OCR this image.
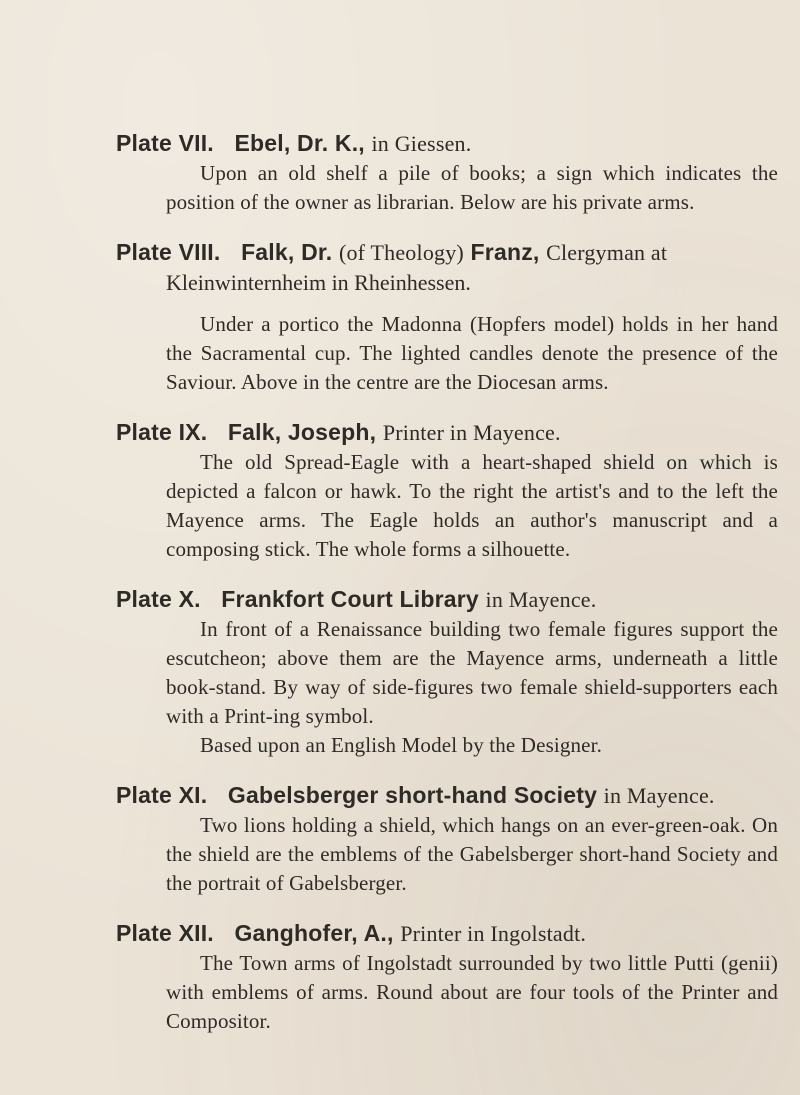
Plate VII. Ebel, Dr. K., in Giessen.

Upon an old shelf a pile of books; a sign which indicates the position of the owner as librarian. Below are his private arms.

Plate VIII. Falk, Dr. (of Theology) Franz, Clergyman at
Kleinwinternheim in Rheinhessen.

Under a portico the Madonna (Hopfers model) holds in her hand the Sacramental cup. The lighted candles denote the presence of the Saviour. Above in the centre are the Diocesan arms.

Plate IX. Falk, Joseph, Printer in Mayence.

The old Spread-Eagle with a heart-shaped shield on which is depicted a falcon or hawk. To the right the artist's and to the left the Mayence arms. The Eagle holds an author's manuscript and a composing stick. The whole forms a silhouette.

Plate X. Frankfort Court Library in Mayence.

In front of a Renaissance building two female figures support the escutcheon; above them are the Mayence arms, underneath a little book-stand. By way of side-figures two female shield-supporters each with a Print-ing symbol.

Based upon an English Model by the Designer.

Plate XI. Gabelsberger short-hand Society in Mayence.

Two lions holding a shield, which hangs on an ever-green-oak. On the shield are the emblems of the Gabelsberger short-hand Society and the portrait of Gabelsberger.

Plate XII. Ganghofer, A., Printer in Ingolstadt.

The Town arms of Ingolstadt surrounded by two little Putti (genii) with emblems of arms. Round about are four tools of the Printer and Compositor.
